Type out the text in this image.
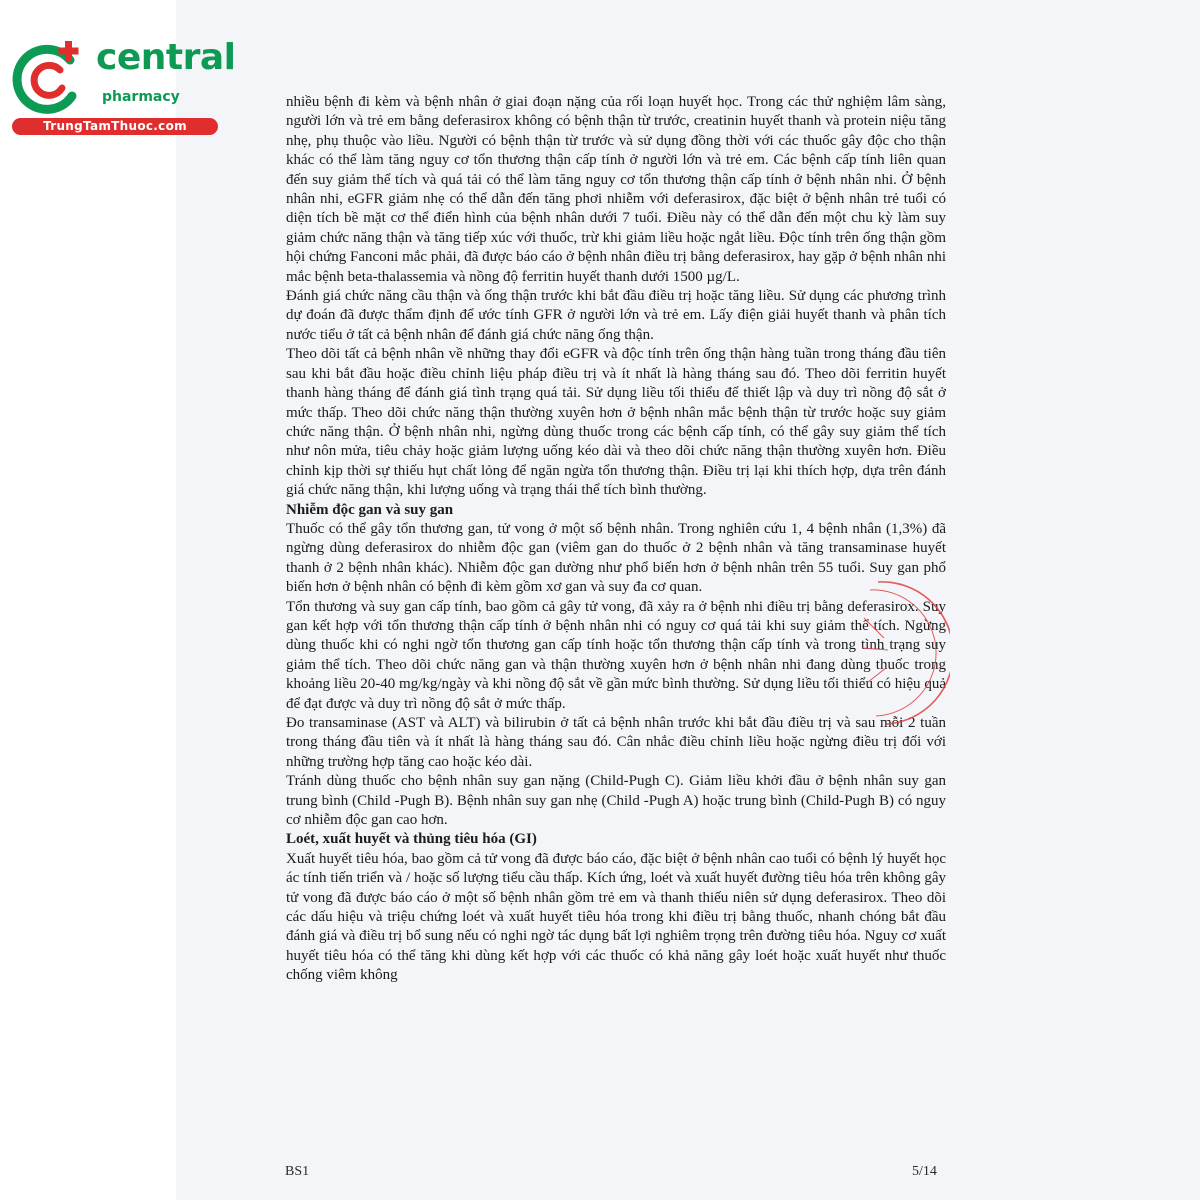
central
pharmacy
TrungTamThuoc.com

nhiều bệnh đi kèm và bệnh nhân ở giai đoạn nặng của rối loạn huyết học. Trong các thử nghiệm lâm sàng, người lớn và trẻ em bằng deferasirox không có bệnh thận từ trước, creatinin huyết thanh và protein niệu tăng nhẹ, phụ thuộc vào liều. Người có bệnh thận từ trước và sử dụng đồng thời với các thuốc gây độc cho thận khác có thể làm tăng nguy cơ tổn thương thận cấp tính ở người lớn và trẻ em. Các bệnh cấp tính liên quan đến suy giảm thể tích và quá tải có thể làm tăng nguy cơ tổn thương thận cấp tính ở bệnh nhân nhi. Ở bệnh nhân nhi, eGFR giảm nhẹ có thể dẫn đến tăng phơi nhiễm với deferasirox, đặc biệt ở bệnh nhân trẻ tuổi có diện tích bề mặt cơ thể điển hình của bệnh nhân dưới 7 tuổi. Điều này có thể dẫn đến một chu kỳ làm suy giảm chức năng thận và tăng tiếp xúc với thuốc, trừ khi giảm liều hoặc ngắt liều. Độc tính trên ống thận gồm hội chứng Fanconi mắc phải, đã được báo cáo ở bệnh nhân điều trị bằng deferasirox, hay gặp ở bệnh nhân nhi mắc bệnh beta-thalassemia và nồng độ ferritin huyết thanh dưới 1500 µg/L.

Đánh giá chức năng cầu thận và ống thận trước khi bắt đầu điều trị hoặc tăng liều. Sử dụng các phương trình dự đoán đã được thẩm định để ước tính GFR ở người lớn và trẻ em. Lấy điện giải huyết thanh và phân tích nước tiểu ở tất cả bệnh nhân để đánh giá chức năng ống thận.

Theo dõi tất cả bệnh nhân về những thay đổi eGFR và độc tính trên ống thận hàng tuần trong tháng đầu tiên sau khi bắt đầu hoặc điều chỉnh liệu pháp điều trị và ít nhất là hàng tháng sau đó. Theo dõi ferritin huyết thanh hàng tháng để đánh giá tình trạng quá tải. Sử dụng liều tối thiểu để thiết lập và duy trì nồng độ sắt ở mức thấp. Theo dõi chức năng thận thường xuyên hơn ở bệnh nhân mắc bệnh thận từ trước hoặc suy giảm chức năng thận. Ở bệnh nhân nhi, ngừng dùng thuốc trong các bệnh cấp tính, có thể gây suy giảm thể tích như nôn mửa, tiêu chảy hoặc giảm lượng uống kéo dài và theo dõi chức năng thận thường xuyên hơn. Điều chỉnh kịp thời sự thiếu hụt chất lỏng để ngăn ngừa tổn thương thận. Điều trị lại khi thích hợp, dựa trên đánh giá chức năng thận, khi lượng uống và trạng thái thể tích bình thường.

Nhiễm độc gan và suy gan

Thuốc có thể gây tổn thương gan, tử vong ở một số bệnh nhân. Trong nghiên cứu 1, 4 bệnh nhân (1,3%) đã ngừng dùng deferasirox do nhiễm độc gan (viêm gan do thuốc ở 2 bệnh nhân và tăng transaminase huyết thanh ở 2 bệnh nhân khác). Nhiễm độc gan dường như phổ biến hơn ở bệnh nhân trên 55 tuổi. Suy gan phổ biến hơn ở bệnh nhân có bệnh đi kèm gồm xơ gan và suy đa cơ quan.

Tổn thương và suy gan cấp tính, bao gồm cả gây tử vong, đã xảy ra ở bệnh nhi điều trị bằng deferasirox. Suy gan kết hợp với tổn thương thận cấp tính ở bệnh nhân nhi có nguy cơ quá tải khi suy giảm thể tích. Ngừng dùng thuốc khi có nghi ngờ tổn thương gan cấp tính hoặc tổn thương thận cấp tính và trong tình trạng suy giảm thể tích. Theo dõi chức năng gan và thận thường xuyên hơn ở bệnh nhân nhi đang dùng thuốc trong khoảng liều 20-40 mg/kg/ngày và khi nồng độ sắt về gần mức bình thường. Sử dụng liều tối thiểu có hiệu quả để đạt được và duy trì nồng độ sắt ở mức thấp.

Đo transaminase (AST và ALT) và bilirubin ở tất cả bệnh nhân trước khi bắt đầu điều trị và sau mỗi 2 tuần trong tháng đầu tiên và ít nhất là hàng tháng sau đó. Cân nhắc điều chỉnh liều hoặc ngừng điều trị đối với những trường hợp tăng cao hoặc kéo dài.

Tránh dùng thuốc cho bệnh nhân suy gan nặng (Child-Pugh C). Giảm liều khởi đầu ở bệnh nhân suy gan trung bình (Child -Pugh B). Bệnh nhân suy gan nhẹ (Child -Pugh A) hoặc trung bình (Child-Pugh B) có nguy cơ nhiễm độc gan cao hơn.

Loét, xuất huyết và thủng tiêu hóa (GI)

Xuất huyết tiêu hóa, bao gồm cả tử vong đã được báo cáo, đặc biệt ở bệnh nhân cao tuổi có bệnh lý huyết học ác tính tiến triển và / hoặc số lượng tiểu cầu thấp. Kích ứng, loét và xuất huyết đường tiêu hóa trên không gây tử vong đã được báo cáo ở một số bệnh nhân gồm trẻ em và thanh thiếu niên sử dụng deferasirox. Theo dõi các dấu hiệu và triệu chứng loét và xuất huyết tiêu hóa trong khi điều trị bằng thuốc, nhanh chóng bắt đầu đánh giá và điều trị bổ sung nếu có nghi ngờ tác dụng bất lợi nghiêm trọng trên đường tiêu hóa. Nguy cơ xuất huyết tiêu hóa có thể tăng khi dùng kết hợp với các thuốc có khả năng gây loét hoặc xuất huyết như thuốc chống viêm không

BS1	5/14
